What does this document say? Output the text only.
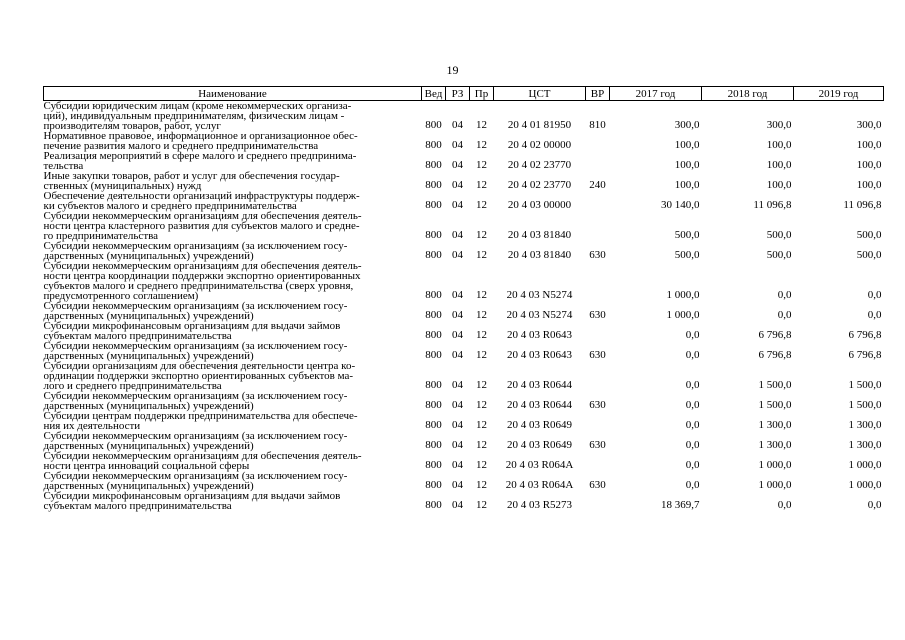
19
Наименование	Вед	РЗ	Пр	ЦСТ	ВР	2017 год	2018 год	2019 год

Субсидии юридическим лицам (кроме некоммерческих организа-
ций), индивидуальным предпринимателям, физическим лицам -
производителям товаров, работ, услуг	800	04	12	20 4 01 81950	810	300,0	300,0	300,0

Нормативное правовое, информационное и организационное обес-
печение развития малого и среднего предпринимательства	800	04	12	20 4 02 00000		100,0	100,0	100,0

Реализация мероприятий в сфере малого и среднего предпринима-
тельства	800	04	12	20 4 02 23770		100,0	100,0	100,0

Иные закупки товаров, работ и услуг для обеспечения государ-
ственных (муниципальных) нужд	800	04	12	20 4 02 23770	240	100,0	100,0	100,0

Обеспечение деятельности организаций инфраструктуры поддерж-
ки субъектов малого и среднего предпринимательства	800	04	12	20 4 03 00000		30 140,0	11 096,8	11 096,8

Субсидии некоммерческим организациям для обеспечения деятель-
ности центра кластерного развития для субъектов малого и средне-
го предпринимательства	800	04	12	20 4 03 81840		500,0	500,0	500,0

Субсидии некоммерческим организациям (за исключением госу-
дарственных (муниципальных) учреждений)	800	04	12	20 4 03 81840	630	500,0	500,0	500,0

Субсидии некоммерческим организациям для обеспечения деятель-
ности центра координации поддержки экспортно ориентированных
субъектов малого и среднего предпринимательства (сверх уровня,
предусмотренного соглашением)	800	04	12	20 4 03 N5274		1 000,0	0,0	0,0

Субсидии некоммерческим организациям (за исключением госу-
дарственных (муниципальных) учреждений)	800	04	12	20 4 03 N5274	630	1 000,0	0,0	0,0

Субсидии микрофинансовым организациям для выдачи займов
субъектам малого предпринимательства	800	04	12	20 4 03 R0643		0,0	6 796,8	6 796,8

Субсидии некоммерческим организациям (за исключением госу-
дарственных (муниципальных) учреждений)	800	04	12	20 4 03 R0643	630	0,0	6 796,8	6 796,8

Субсидии организациям для обеспечения деятельности центра ко-
ординации поддержки экспортно ориентированных субъектов ма-
лого и среднего предпринимательства	800	04	12	20 4 03 R0644		0,0	1 500,0	1 500,0

Субсидии некоммерческим организациям (за исключением госу-
дарственных (муниципальных) учреждений)	800	04	12	20 4 03 R0644	630	0,0	1 500,0	1 500,0

Субсидии центрам поддержки предпринимательства для обеспече-
ния их деятельности	800	04	12	20 4 03 R0649		0,0	1 300,0	1 300,0

Субсидии некоммерческим организациям (за исключением госу-
дарственных (муниципальных) учреждений)	800	04	12	20 4 03 R0649	630	0,0	1 300,0	1 300,0

Субсидии некоммерческим организациям для обеспечения деятель-
ности центра инноваций социальной сферы	800	04	12	20 4 03 R064A		0,0	1 000,0	1 000,0

Субсидии некоммерческим организациям (за исключением госу-
дарственных (муниципальных) учреждений)	800	04	12	20 4 03 R064A	630	0,0	1 000,0	1 000,0

Субсидии микрофинансовым организациям для выдачи займов
субъектам малого предпринимательства	800	04	12	20 4 03 R5273		18 369,7	0,0	0,0
